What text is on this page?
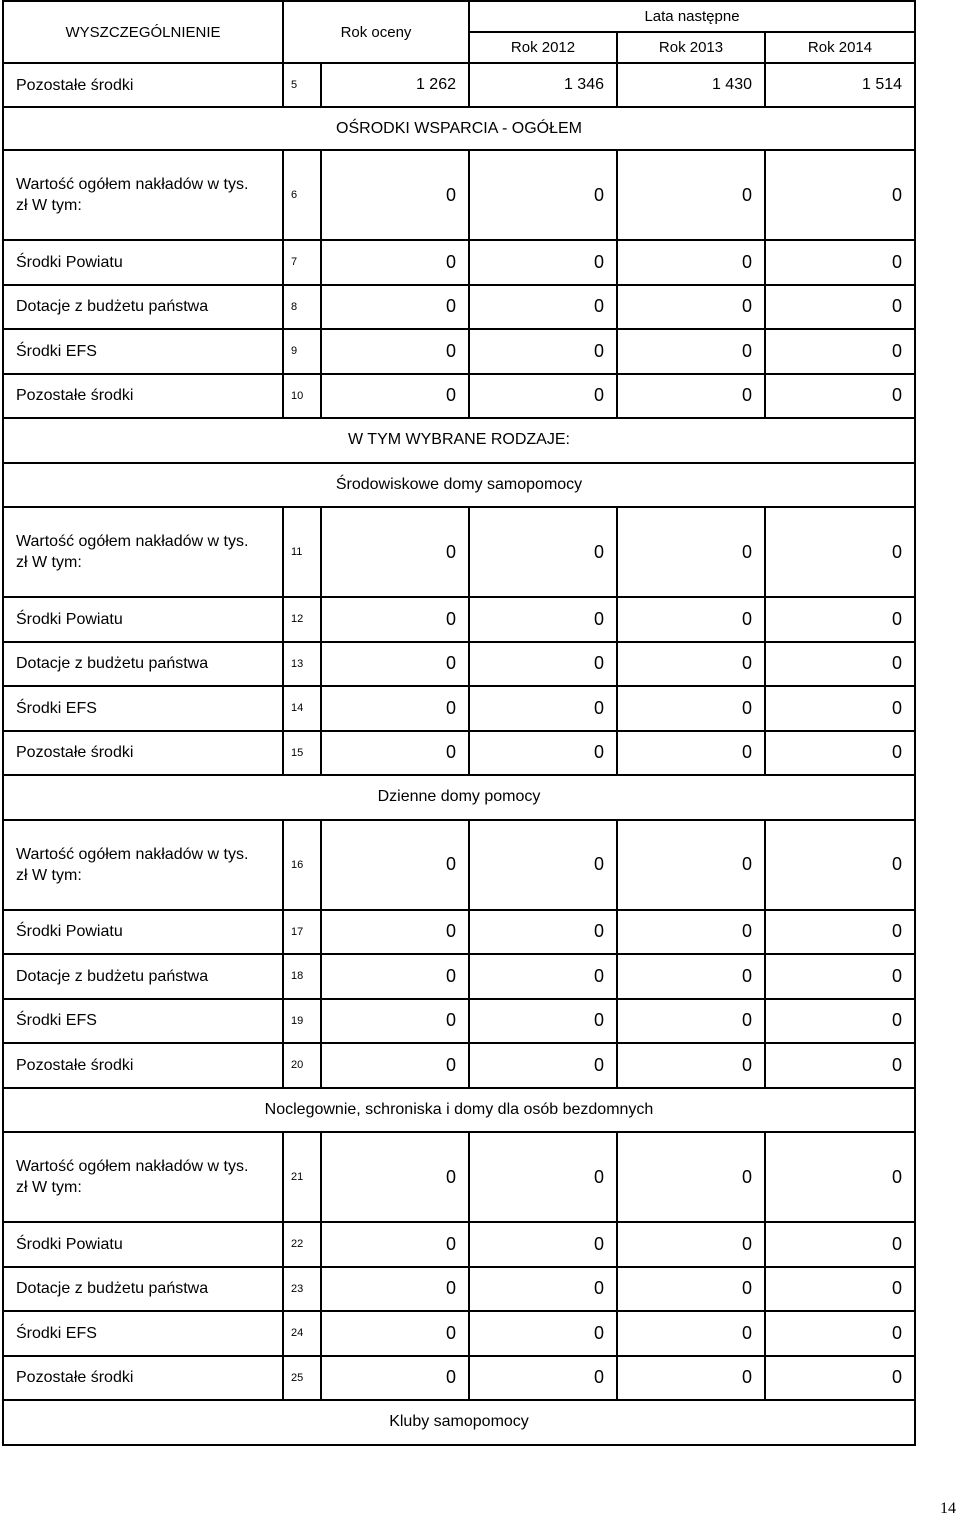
WYSZCZEGÓLNIENIE	Rok oceny		Lata następne		
			Rok 2012	Rok 2013	Rok 2014
Pozostałe środki	5	1 262	1 346	1 430	1 514
OŚRODKI WSPARCIA - OGÓŁEM					
Wartość ogółem nakładów w tys. zł W tym:	6	0	0	0	0
Środki Powiatu	7	0	0	0	0
Dotacje z budżetu państwa	8	0	0	0	0
Środki EFS	9	0	0	0	0
Pozostałe środki	10	0	0	0	0
W TYM WYBRANE RODZAJE:					
Środowiskowe domy samopomocy					
Wartość ogółem nakładów w tys. zł W tym:	11	0	0	0	0
Środki Powiatu	12	0	0	0	0
Dotacje z budżetu państwa	13	0	0	0	0
Środki EFS	14	0	0	0	0
Pozostałe środki	15	0	0	0	0
Dzienne domy pomocy					
Wartość ogółem nakładów w tys. zł W tym:	16	0	0	0	0
Środki Powiatu	17	0	0	0	0
Dotacje z budżetu państwa	18	0	0	0	0
Środki EFS	19	0	0	0	0
Pozostałe środki	20	0	0	0	0
Noclegownie, schroniska i domy dla osób bezdomnych					
Wartość ogółem nakładów w tys. zł W tym:	21	0	0	0	0
Środki Powiatu	22	0	0	0	0
Dotacje z budżetu państwa	23	0	0	0	0
Środki EFS	24	0	0	0	0
Pozostałe środki	25	0	0	0	0
Kluby samopomocy					
14
